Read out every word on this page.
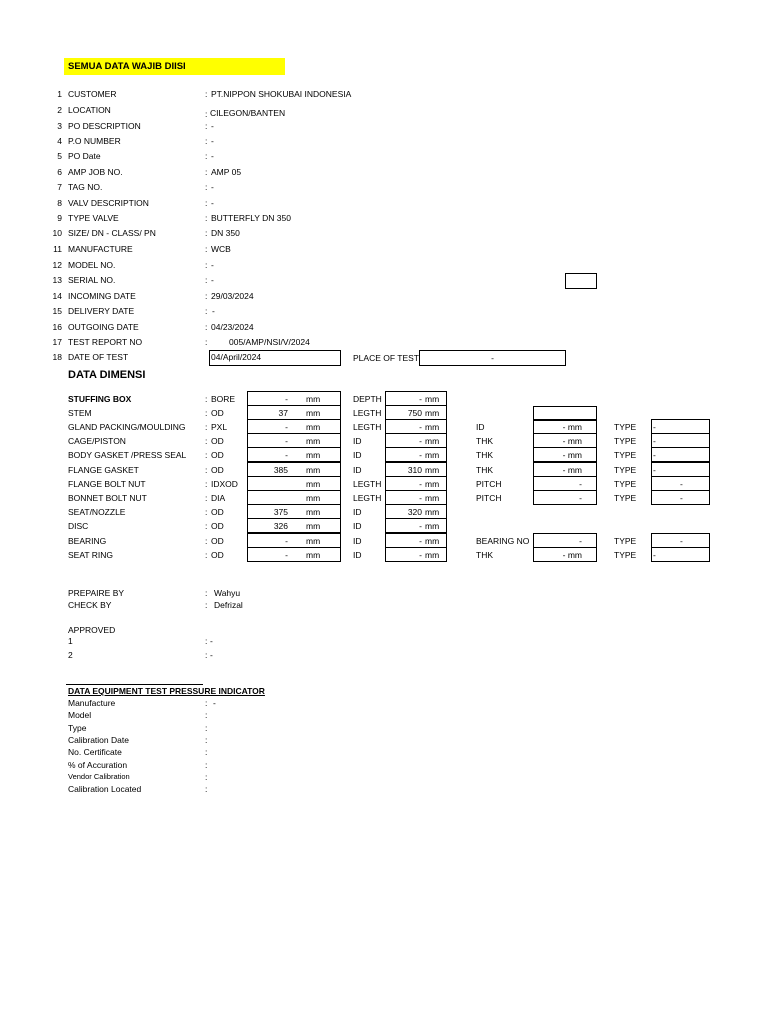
SEMUA DATA WAJIB DIISI
1 CUSTOMER	: PT.NIPPON SHOKUBAI INDONESIA
2 LOCATION	: CILEGON/BANTEN
3 PO DESCRIPTION	: -
4 P.O NUMBER	: -
5 PO Date	: -
6 AMP JOB NO.	: AMP 05
7 TAG NO.	: -
8 VALV DESCRIPTION	: -
9 TYPE VALVE	: BUTTERFLY DN 350
10 SIZE/ DN - CLASS/ PN	: DN 350
11 MANUFACTURE	: WCB
12 MODEL NO.	: -
13 SERIAL NO.	: -
14 INCOMING DATE	: 29/03/2024
15 DELIVERY DATE	: -
16 OUTGOING DATE	: 04/23/2024
17 TEST REPORT NO	:	005/AMP/NSI/V/2024
18 DATE OF TEST	04/April/2024	PLACE OF TEST	-
DATA DIMENSI
STUFFING BOX	: BORE	- mm	DEPTH	- mm
STEM	: OD	37 mm	LEGTH	750 mm
GLAND PACKING/MOULDING : PXL	- mm	LEGTH	- mm	ID	- mm	TYPE -
CAGE/PISTON	: OD	- mm	ID	- mm	THK	- mm	TYPE -
BODY GASKET /PRESS SEAL : OD	- mm	ID	- mm	THK	- mm	TYPE -
FLANGE GASKET	: OD	385 mm	ID	310 mm	THK	- mm	TYPE -
FLANGE BOLT NUT	: IDXOD	mm	LEGTH	- mm	PITCH	-	TYPE	-
BONNET BOLT NUT	: DIA	mm	LEGTH	- mm	PITCH	-	TYPE	-
SEAT/NOZZLE	: OD	375 mm	ID	320 mm
DISC	: OD	326 mm	ID	- mm
BEARING	: OD	- mm	ID	- mm	BEARING NO	-	TYPE	-
SEAT RING	: OD	- mm	ID	- mm	THK	- mm	TYPE -
PREPAIRE BY	: Wahyu
CHECK BY	: Defrizal
APPROVED
1	: -
2	: -
DATA EQUIPMENT TEST PRESSURE INDICATOR
Manufacture	: -
Model	:
Type	:
Calibration Date	:
No. Certificate	:
% of Accuration	:
Vendor Calibration	:
Calibration Located	:
